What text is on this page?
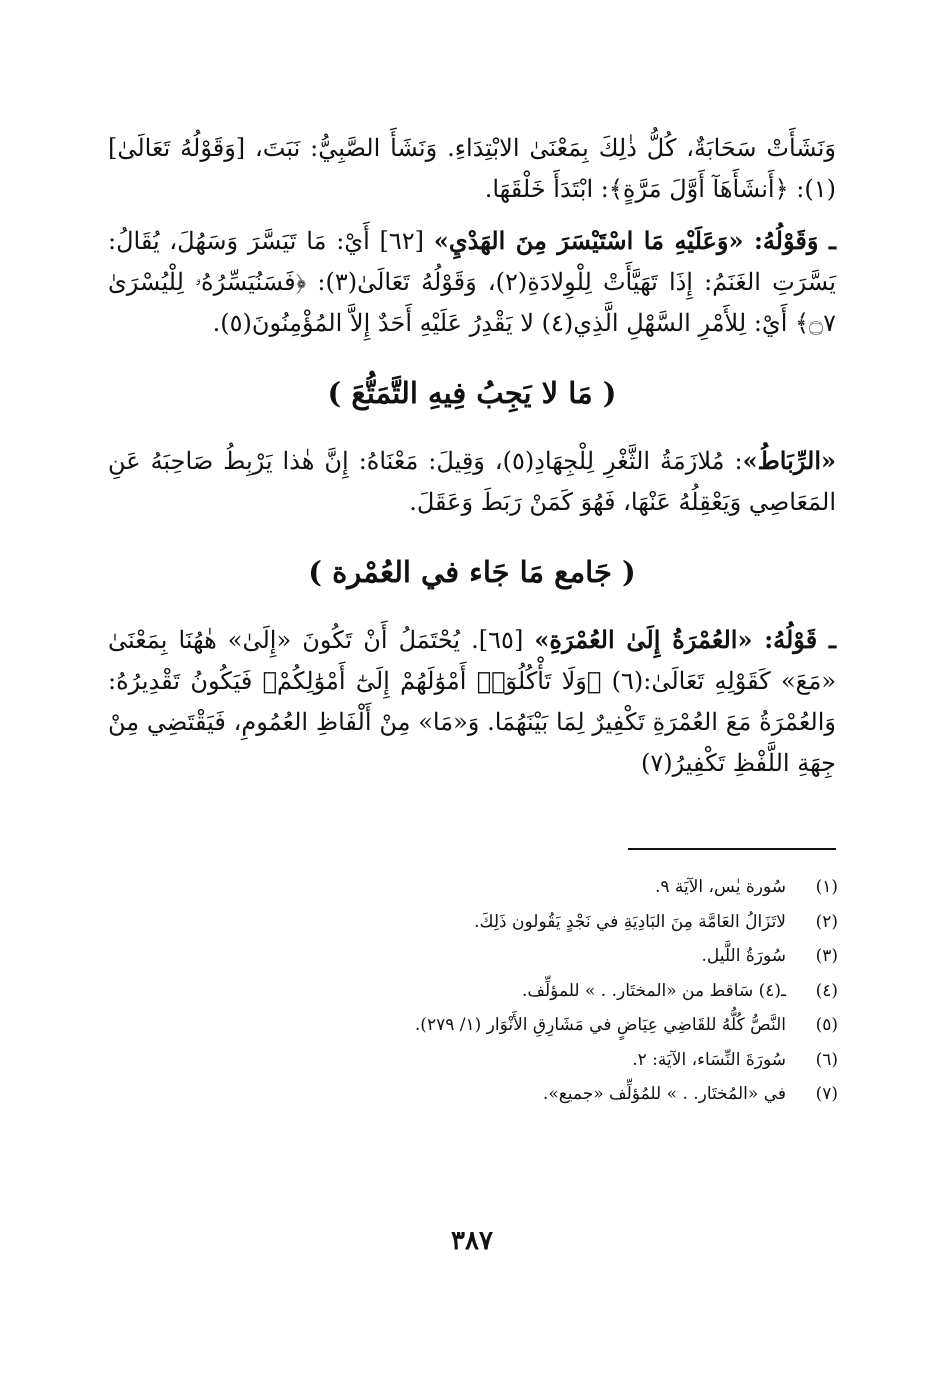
وَنَشَأَتْ سَحَابَةٌ، كُلُّ ذٰلِكَ بِمَعْنَىٰ الابْتِدَاءِ. وَنَشَأَ الصَّبِيُّ: نَبَتَ، [وَقَوْلُهُ تَعَالَىٰ](١): ﴿أَنشَأَهَآ أَوَّلَ مَرَّةٍ﴾: ابْتَدَأَ خَلْقَهَا.

ـ وَقَوْلُهُ: «وَعَلَيْهِ مَا اسْتَيْسَرَ مِنَ الهَدْيِ» [٦٢] أَيْ: مَا تَيَسَّرَ وَسَهُلَ، يُقَالُ: يَسَّرَتِ الغَنَمُ: إِذَا تَهَيَّأَتْ لِلْوِلادَةِ(٢)، وَقَوْلُهُ تَعَالَىٰ(٣): ﴿فَسَنُيَسِّرُهُۥ لِلْيُسْرَىٰ ۝٧﴾ أَيْ: لِلأَمْرِ السَّهْلِ الَّذِي(٤) لا يَقْدِرُ عَلَيْهِ أَحَدٌ إِلاَّ المُؤْمِنُونَ(٥).

( مَا لا يَجِبُ فِيهِ التَّمَتُّعَ )

«الرِّبَاطُ»: مُلازَمَةُ الثَّغْرِ لِلْجِهَادِ(٥)، وَقِيلَ: مَعْنَاهُ: إِنَّ هٰذا يَرْبِطُ صَاحِبَهُ عَنِ المَعَاصِي وَيَعْقِلُهُ عَنْهَا، فَهُوَ كَمَنْ رَبَطَ وَعَقَلَ.

( جَامع مَا جَاء في العُمْرة )

ـ قَوْلُهُ: «العُمْرَةُ إِلَىٰ العُمْرَةِ» [٦٥]. يُحْتَمَلُ أَنْ تَكُونَ «إِلَىٰ» هٰهُنَا بِمَعْنَىٰ «مَعَ» كَقَوْلِهِ تَعَالَىٰ:(٦) ﴿وَلَا تَأْكُلُوٓا۟ أَمْوَٰلَهُمْ إِلَىٰٓ أَمْوَٰلِكُمْ﴾ فَيَكُونُ تَقْدِيرُهُ: وَالعُمْرَةُ مَعَ العُمْرَةِ تَكْفِيرٌ لِمَا بَيْنَهُمَا. وَ«مَا» مِنْ أَلْفَاظِ العُمُومِ، فَيَقْتَضِي مِنْ جِهَةِ اللَّفْظِ تَكْفِيرُ(٧)

(١)
سُورة يٰس، الآيَة ٩.
(٢)
لاتَزَالُ العَامَّة مِنَ البَادِيَةِ في نَجْدٍ يَقُولون ذَلِكَ.
(٣)
سُورَةُ اللَّيل.
(٤)
ـ(٤) سَاقط من «المختَار. . » للمؤلِّف.
(٥)
النَّصُّ كُلُّهُ للقَاضِي عِيَاضٍ في مَشَارِقِ الأَنْوَار (١/ ٢٧٩).
(٦)
سُورَةَ النِّسَاء، الآيَة: ٢.
(٧)
في «المُختَار. . » للمُؤلِّف «جميع».
٣٨٧
